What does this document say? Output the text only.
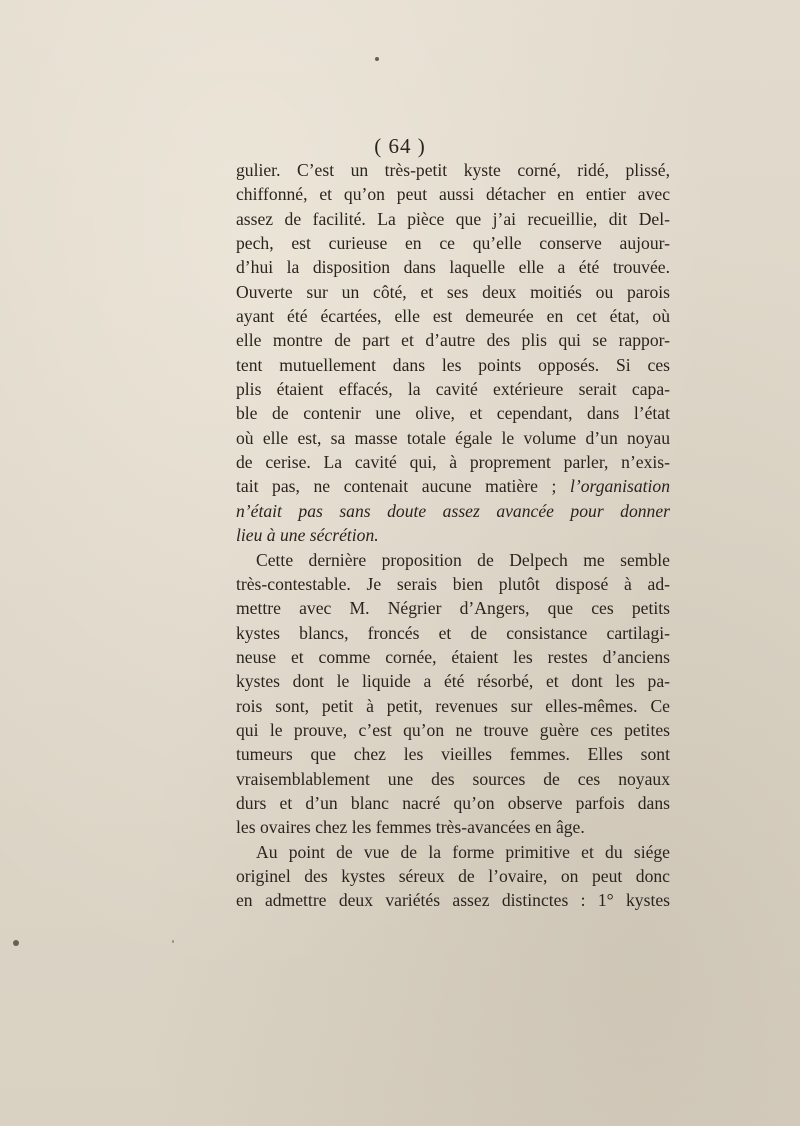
( 64 )
gulier. C’est un très-petit kyste corné, ridé, plissé,
chiffonné, et qu’on peut aussi détacher en entier avec
assez de facilité. La pièce que j’ai recueillie, dit Del-
pech, est curieuse en ce qu’elle conserve aujour-
d’hui la disposition dans laquelle elle a été trouvée.
Ouverte sur un côté, et ses deux moitiés ou parois
ayant été écartées, elle est demeurée en cet état, où
elle montre de part et d’autre des plis qui se rappor-
tent mutuellement dans les points opposés. Si ces
plis étaient effacés, la cavité extérieure serait capa-
ble de contenir une olive, et cependant, dans l’état
où elle est, sa masse totale égale le volume d’un noyau
de cerise. La cavité qui, à proprement parler, n’exis-
tait pas, ne contenait aucune matière ; l’organisation
n’était pas sans doute assez avancée pour donner
lieu à une sécrétion.
Cette dernière proposition de Delpech me semble
très-contestable. Je serais bien plutôt disposé à ad-
mettre avec M. Négrier d’Angers, que ces petits
kystes blancs, froncés et de consistance cartilagi-
neuse et comme cornée, étaient les restes d’anciens
kystes dont le liquide a été résorbé, et dont les pa-
rois sont, petit à petit, revenues sur elles-mêmes. Ce
qui le prouve, c’est qu’on ne trouve guère ces petites
tumeurs que chez les vieilles femmes. Elles sont
vraisemblablement une des sources de ces noyaux
durs et d’un blanc nacré qu’on observe parfois dans
les ovaires chez les femmes très-avancées en âge.
Au point de vue de la forme primitive et du siége
originel des kystes séreux de l’ovaire, on peut donc
en admettre deux variétés assez distinctes : 1° kystes
